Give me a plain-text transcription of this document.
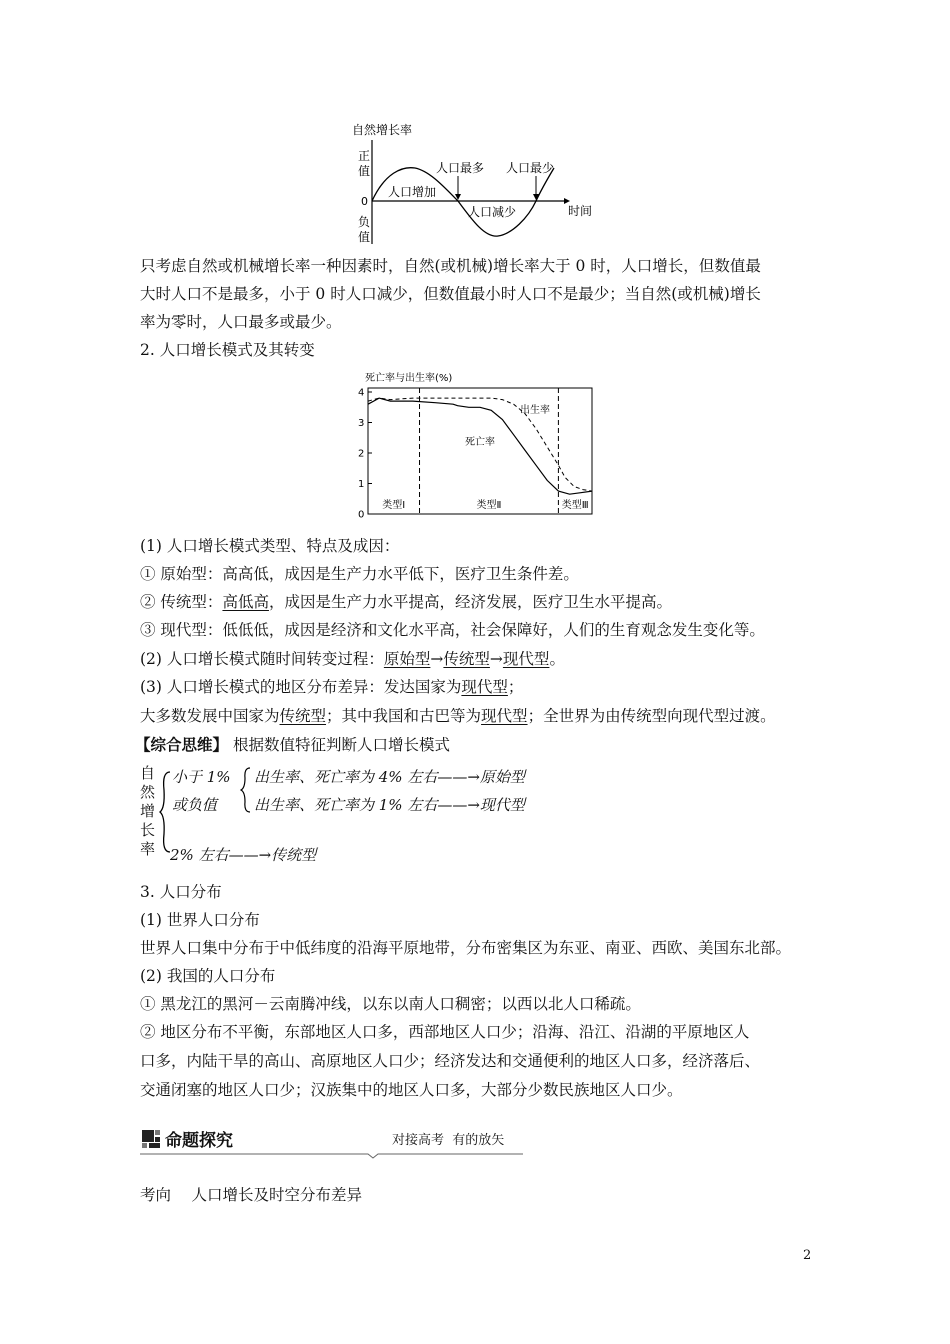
自然增长率
正
值
0
负
值
时间
人口最多 人口最少
人口增加
人口减少
只考虑自然或机械增长率一种因素时，自然(或机械)增长率大于 0 时，人口增长，但数值最
大时人口不是最多，小于 0 时人口减少，但数值最小时人口不是最少；当自然(或机械)增长
率为零时，人口最多或最少。
2. 人口增长模式及其转变
死亡率与出生率(%)
0
1
2
3
4
类型Ⅰ	类型Ⅱ	类型Ⅲ
出生率
死亡率
(1) 人口增长模式类型、特点及成因：
① 原始型：高高低，成因是生产力水平低下，医疗卫生条件差。
② 传统型：高低高，成因是生产力水平提高，经济发展，医疗卫生水平提高。
③ 现代型：低低低，成因是经济和文化水平高，社会保障好，人们的生育观念发生变化等。
(2) 人口增长模式随时间转变过程：原始型→传统型→现代型。
(3) 人口增长模式的地区分布差异：发达国家为现代型；
大多数发展中国家为传统型；其中我国和古巴等为现代型；全世界为由传统型向现代型过渡。
【综合思维】 根据数值特征判断人口增长模式
自
然
增
长
率
小于 1%
或负值
出生率、死亡率为 4% 左右——→原始型
出生率、死亡率为 1% 左右——→现代型
2% 左右——→传统型
3. 人口分布
(1) 世界人口分布
世界人口集中分布于中低纬度的沿海平原地带，分布密集区为东亚、南亚、西欧、美国东北部。
(2) 我国的人口分布
① 黑龙江的黑河－云南腾冲线，以东以南人口稠密；以西以北人口稀疏。
② 地区分布不平衡，东部地区人口多，西部地区人口少；沿海、沿江、沿湖的平原地区人
口多，内陆干旱的高山、高原地区人口少；经济发达和交通便利的地区人口多，经济落后、
交通闭塞的地区人口少；汉族集中的地区人口多，大部分少数民族地区人口少。
命题探究	对接高考  有的放矢
考向　 人口增长及时空分布差异
2
